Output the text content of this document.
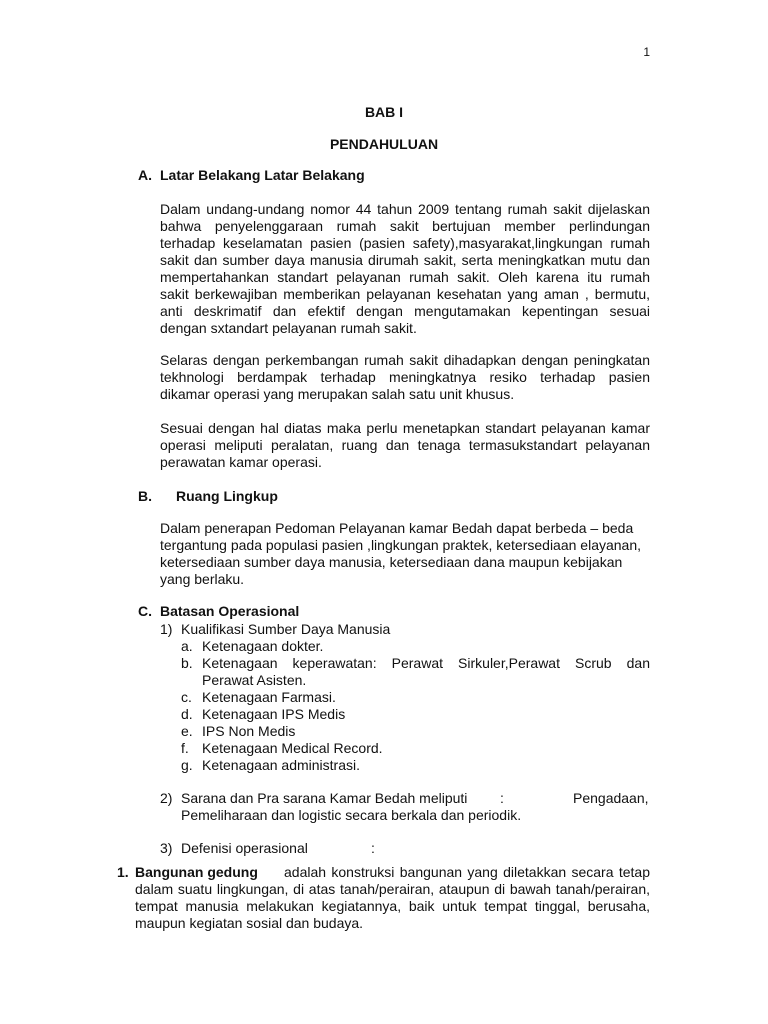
1
BAB I
PENDAHULUAN
A. Latar Belakang Latar Belakang

Dalam undang-undang nomor 44 tahun 2009 tentang rumah sakit dijelaskan

bahwa penyelenggaraan rumah sakit bertujuan member perlindungan

terhadap keselamatan pasien (pasien safety),masyarakat,lingkungan rumah

sakit dan sumber daya manusia dirumah sakit, serta meningkatkan mutu dan

mempertahankan standart pelayanan rumah sakit. Oleh karena itu rumah

sakit berkewajiban memberikan pelayanan kesehatan yang aman , bermutu,

anti deskrimatif dan efektif dengan mengutamakan kepentingan sesuai

dengan sxtandart pelayanan rumah sakit.

Selaras dengan perkembangan rumah sakit dihadapkan dengan peningkatan

tekhnologi berdampak terhadap meningkatnya resiko terhadap pasien

dikamar operasi yang merupakan salah satu unit khusus.

Sesuai dengan hal diatas maka perlu menetapkan standart pelayanan kamar

operasi meliputi peralatan, ruang dan tenaga termasukstandart pelayanan

perawatan kamar operasi.

B. Ruang Lingkup

Dalam penerapan Pedoman Pelayanan kamar Bedah dapat berbeda – beda

tergantung pada populasi pasien ,lingkungan praktek, ketersediaan elayanan,

ketersediaan sumber daya manusia, ketersediaan dana maupun kebijakan

yang berlaku.

C. Batasan Operasional
1) Kualifikasi Sumber Daya Manusia
a. Ketenagaan dokter.
b. Ketenagaan keperawatan: Perawat Sirkuler,Perawat Scrub dan

Perawat Asisten.

c. Ketenagaan Farmasi.
d. Ketenagaan IPS Medis
e. IPS Non Medis
f. Ketenagaan Medical Record.
g. Ketenagaan administrasi.
2) Sarana dan Pra sarana Kamar Bedah meliputi :	Pengadaan,
Pemeliharaan dan logistic secara berkala dan periodik.
3) Defenisi operasional	:
1. Bangunan gedung adalah konstruksi bangunan yang diletakkan secara tetap

dalam suatu lingkungan, di atas tanah/perairan, ataupun di bawah tanah/perairan,

tempat manusia melakukan kegiatannya, baik untuk tempat tinggal, berusaha,

maupun kegiatan sosial dan budaya.
